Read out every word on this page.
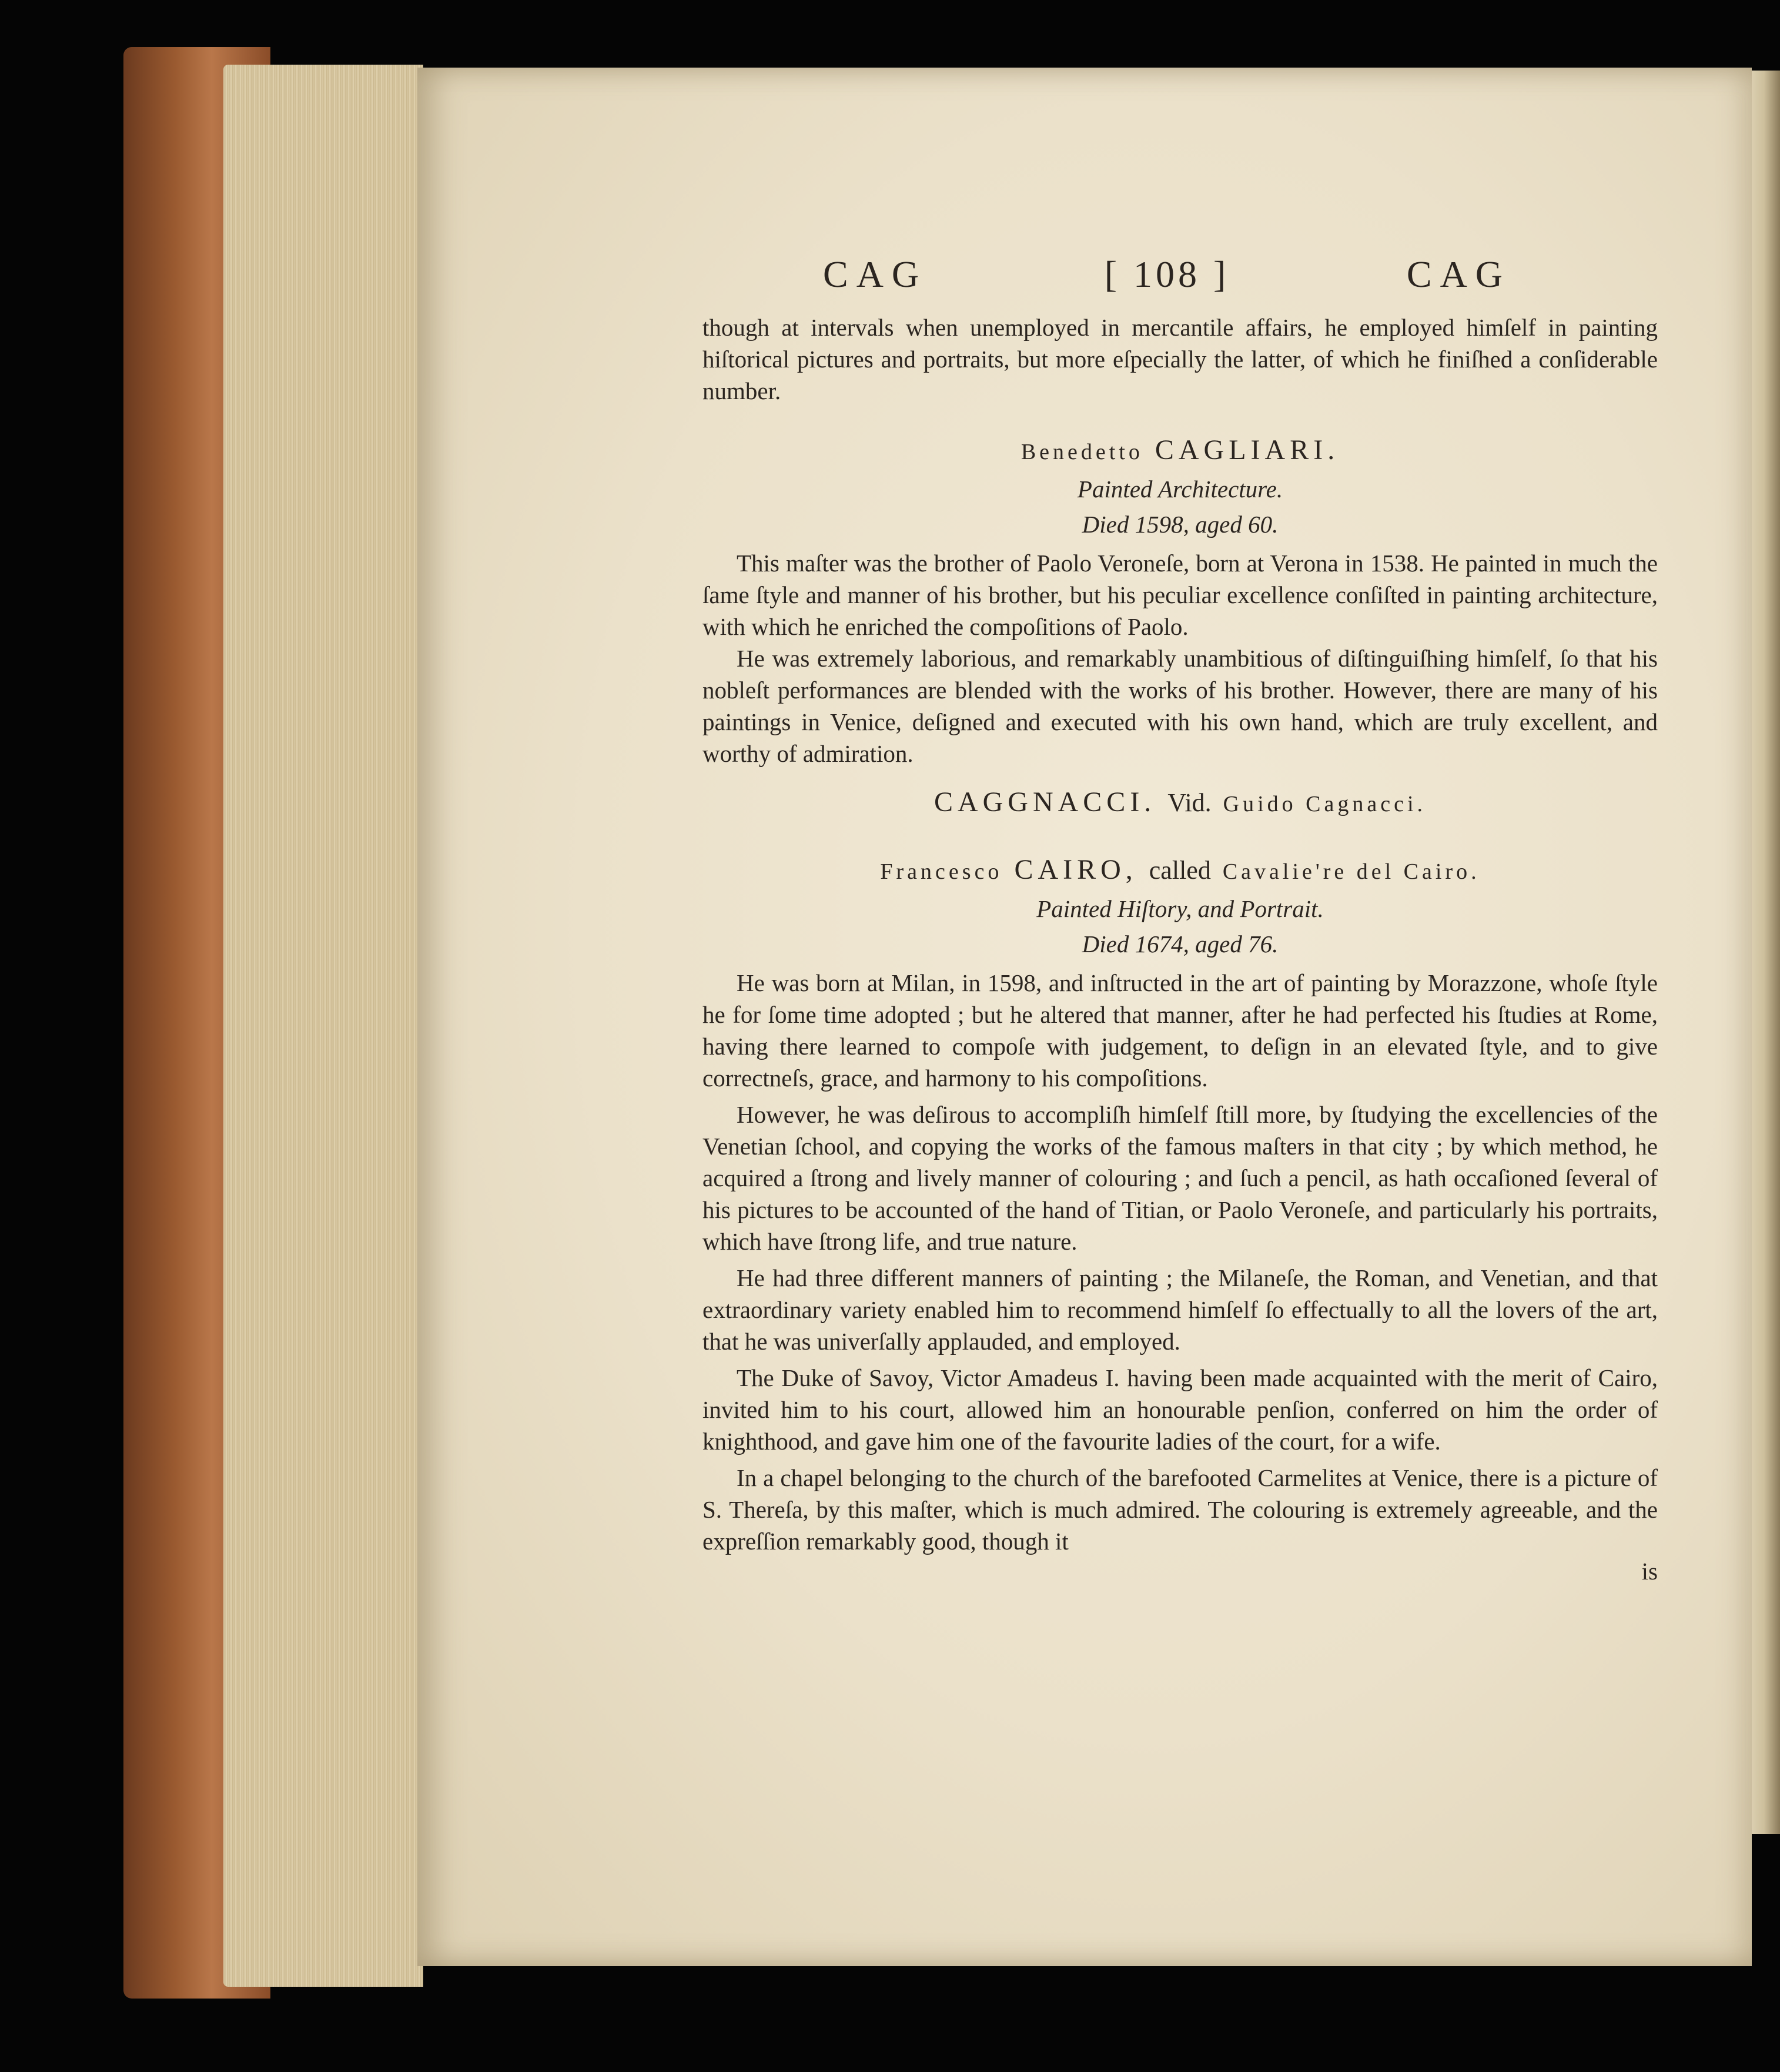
CAG	[ 108 ]	CAG

though at intervals when unemployed in mercantile affairs, he employed himſelf in painting hiſtorical pictures and portraits, but more eſpecially the latter, of which he finiſhed a conſiderable number.

Benedetto CAGLIARI.
Painted Architecture.
Died 1598, aged 60.

This maſter was the brother of Paolo Veroneſe, born at Verona in 1538. He painted in much the ſame ſtyle and manner of his brother, but his peculiar excellence conſiſted in painting architecture, with which he enriched the compoſitions of Paolo.

He was extremely laborious, and remarkably unambitious of diſtinguiſhing himſelf, ſo that his nobleſt performances are blended with the works of his brother. However, there are many of his paintings in Venice, deſigned and executed with his own hand, which are truly excellent, and worthy of admiration.

CAGGNACCI. Vid. Guido Cagnacci.
Francesco CAIRO, called Cavalie're del Cairo.
Painted Hiſtory, and Portrait.
Died 1674, aged 76.

He was born at Milan, in 1598, and inſtructed in the art of painting by Morazzone, whoſe ſtyle he for ſome time adopted ; but he altered that manner, after he had perfected his ſtudies at Rome, having there learned to compoſe with judgement, to deſign in an elevated ſtyle, and to give correctneſs, grace, and harmony to his compoſitions.

However, he was deſirous to accompliſh himſelf ſtill more, by ſtudying the excellencies of the Venetian ſchool, and copying the works of the famous maſters in that city ; by which method, he acquired a ſtrong and lively manner of colouring ; and ſuch a pencil, as hath occaſioned ſeveral of his pictures to be accounted of the hand of Titian, or Paolo Veroneſe, and particularly his portraits, which have ſtrong life, and true nature.

He had three different manners of painting ; the Milaneſe, the Roman, and Venetian, and that extraordinary variety enabled him to recommend himſelf ſo effectually to all the lovers of the art, that he was univerſally applauded, and employed.

The Duke of Savoy, Victor Amadeus I. having been made acquainted with the merit of Cairo, invited him to his court, allowed him an honourable penſion, conferred on him the order of knighthood, and gave him one of the favourite ladies of the court, for a wife.

In a chapel belonging to the church of the barefooted Carmelites at Venice, there is a picture of S. Thereſa, by this maſter, which is much admired. The colouring is extremely agreeable, and the expreſſion remarkably good, though it

is
